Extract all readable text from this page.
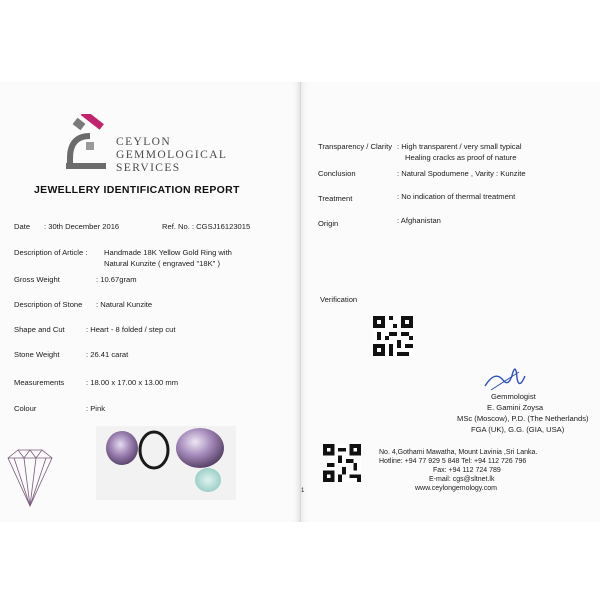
CEYLON
GEMMOLOGICAL
SERVICES
JEWELLERY IDENTIFICATION REPORT
Date : 30th December 2016	Ref. No. : CGSJ16123015
Description of Article : Handmade 18K Yellow Gold Ring with
Natural Kunzite ( engraved "18K" )
Gross Weight	: 10.67gram
Description of Stone : Natural Kunzite
Shape and Cut	: Heart - 8 folded / step cut
Stone Weight	: 26.41 carat
Measurements	: 18.00 x 17.00 x 13.00 mm
Colour	: Pink
Transparency / Clarity : High transparent / very small typical
Healing cracks as proof of nature
Conclusion	: Natural Spodumene , Varity : Kunzite
Treatment	: No indication of thermal treatment
Origin	: Afghanistan
Verification
Gemmologist
E. Gamini Zoysa
MSc (Moscow), P.D. (The Netherlands)
FGA (UK), G.G. (GIA, USA)
No. 4,Gothami Mawatha, Mount Lavinia ,Sri Lanka.
Hotline: +94 77 929 5 848 Tel: +94 112 726 796
Fax: +94 112 724 789
E-mail: cgs@sltnet.lk
www.ceylongemology.com
1
